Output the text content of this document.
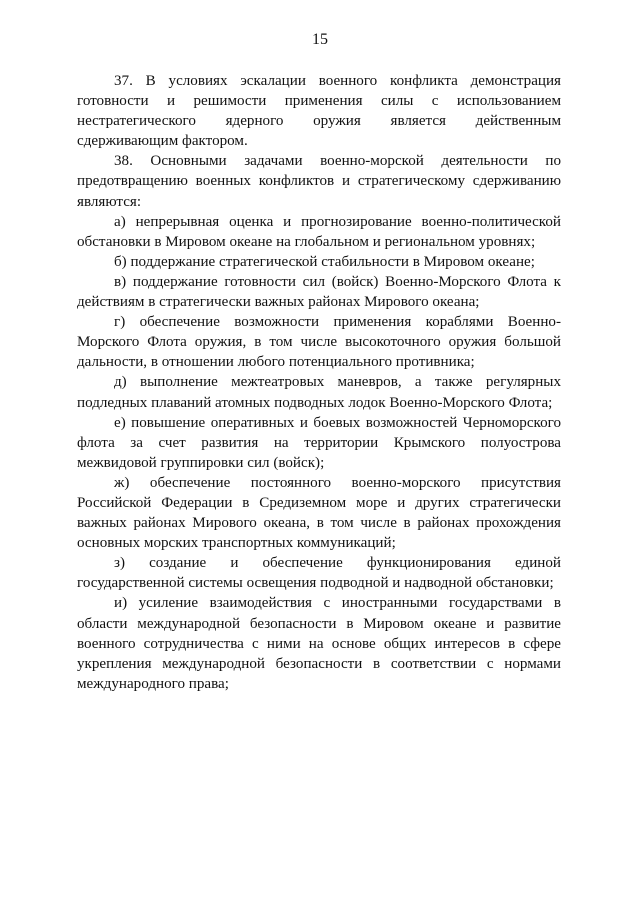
15

37. В условиях эскалации военного конфликта демонстрация готовности и решимости применения силы с использованием нестратегического ядерного оружия является действенным сдерживающим фактором.

38. Основными задачами военно-морской деятельности по предотвращению военных конфликтов и стратегическому сдерживанию являются:

а) непрерывная оценка и прогнозирование военно-политической обстановки в Мировом океане на глобальном и региональном уровнях;

б) поддержание стратегической стабильности в Мировом океане;

в) поддержание готовности сил (войск) Военно-Морского Флота к действиям в стратегически важных районах Мирового океана;

г) обеспечение возможности применения кораблями Военно-Морского Флота оружия, в том числе высокоточного оружия большой дальности, в отношении любого потенциального противника;

д) выполнение межтеатровых маневров, а также регулярных подледных плаваний атомных подводных лодок Военно-Морского Флота;

е) повышение оперативных и боевых возможностей Черноморского флота за счет развития на территории Крымского полуострова межвидовой группировки сил (войск);

ж) обеспечение постоянного военно-морского присутствия Российской Федерации в Средиземном море и других стратегически важных районах Мирового океана, в том числе в районах прохождения основных морских транспортных коммуникаций;

з) создание и обеспечение функционирования единой государственной системы освещения подводной и надводной обстановки;

и) усиление взаимодействия с иностранными государствами в области международной безопасности в Мировом океане и развитие военного сотрудничества с ними на основе общих интересов в сфере укрепления международной безопасности в соответствии с нормами международного права;
